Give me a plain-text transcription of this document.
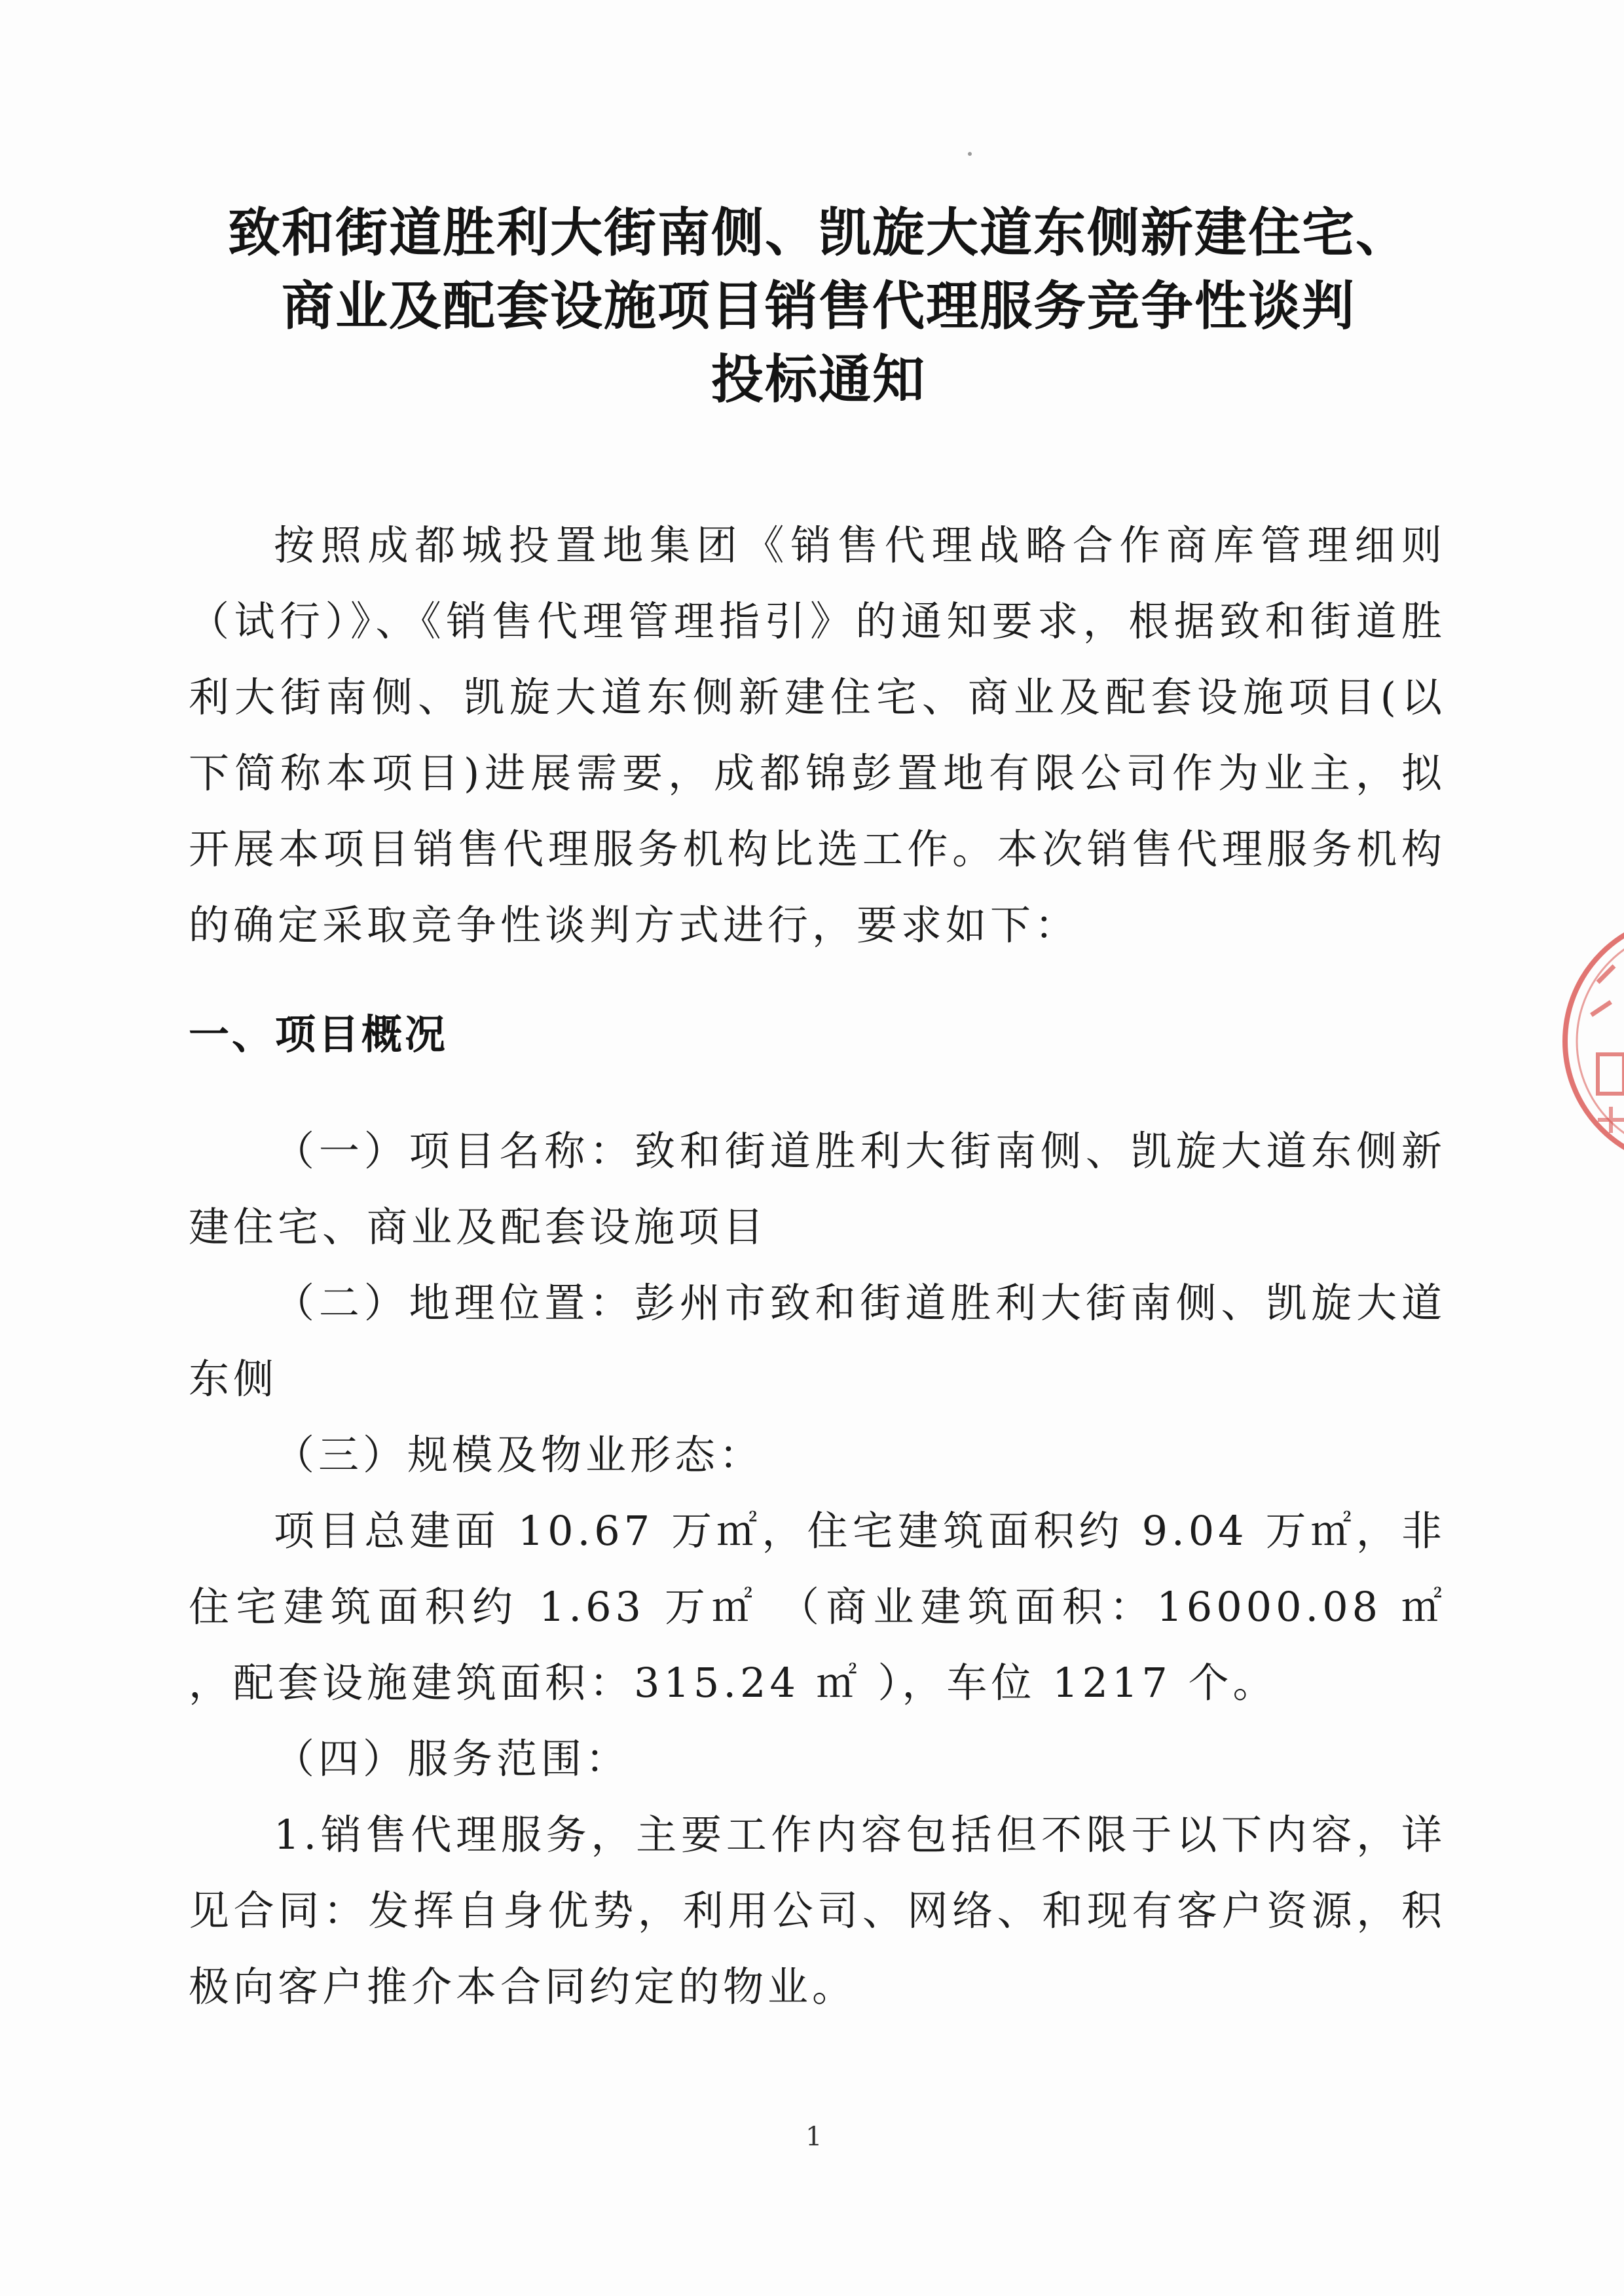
致和街道胜利大街南侧、凯旋大道东侧新建住宅、
商业及配套设施项目销售代理服务竞争性谈判
投标通知
按照成都城投置地集团《销售代理战略合作商库管理细则（试行）》、《销售代理管理指引》的通知要求，根据致和街道胜利大街南侧、凯旋大道东侧新建住宅、商业及配套设施项目(以下简称本项目)进展需要，成都锦彭置地有限公司作为业主，拟开展本项目销售代理服务机构比选工作。本次销售代理服务机构的确定采取竞争性谈判方式进行，要求如下：
一、项目概况
（一）项目名称：致和街道胜利大街南侧、凯旋大道东侧新建住宅、商业及配套设施项目
（二）地理位置：彭州市致和街道胜利大街南侧、凯旋大道东侧
（三）规模及物业形态：
项目总建面 10.67 万㎡，住宅建筑面积约 9.04 万㎡，非住宅建筑面积约 1.63 万㎡ （商业建筑面积：16000.08 ㎡ ，配套设施建筑面积：315.24 ㎡ ），车位 1217 个。
（四）服务范围：
1.销售代理服务，主要工作内容包括但不限于以下内容，详见合同：发挥自身优势，利用公司、网络、和现有客户资源，积极向客户推介本合同约定的物业。
1
